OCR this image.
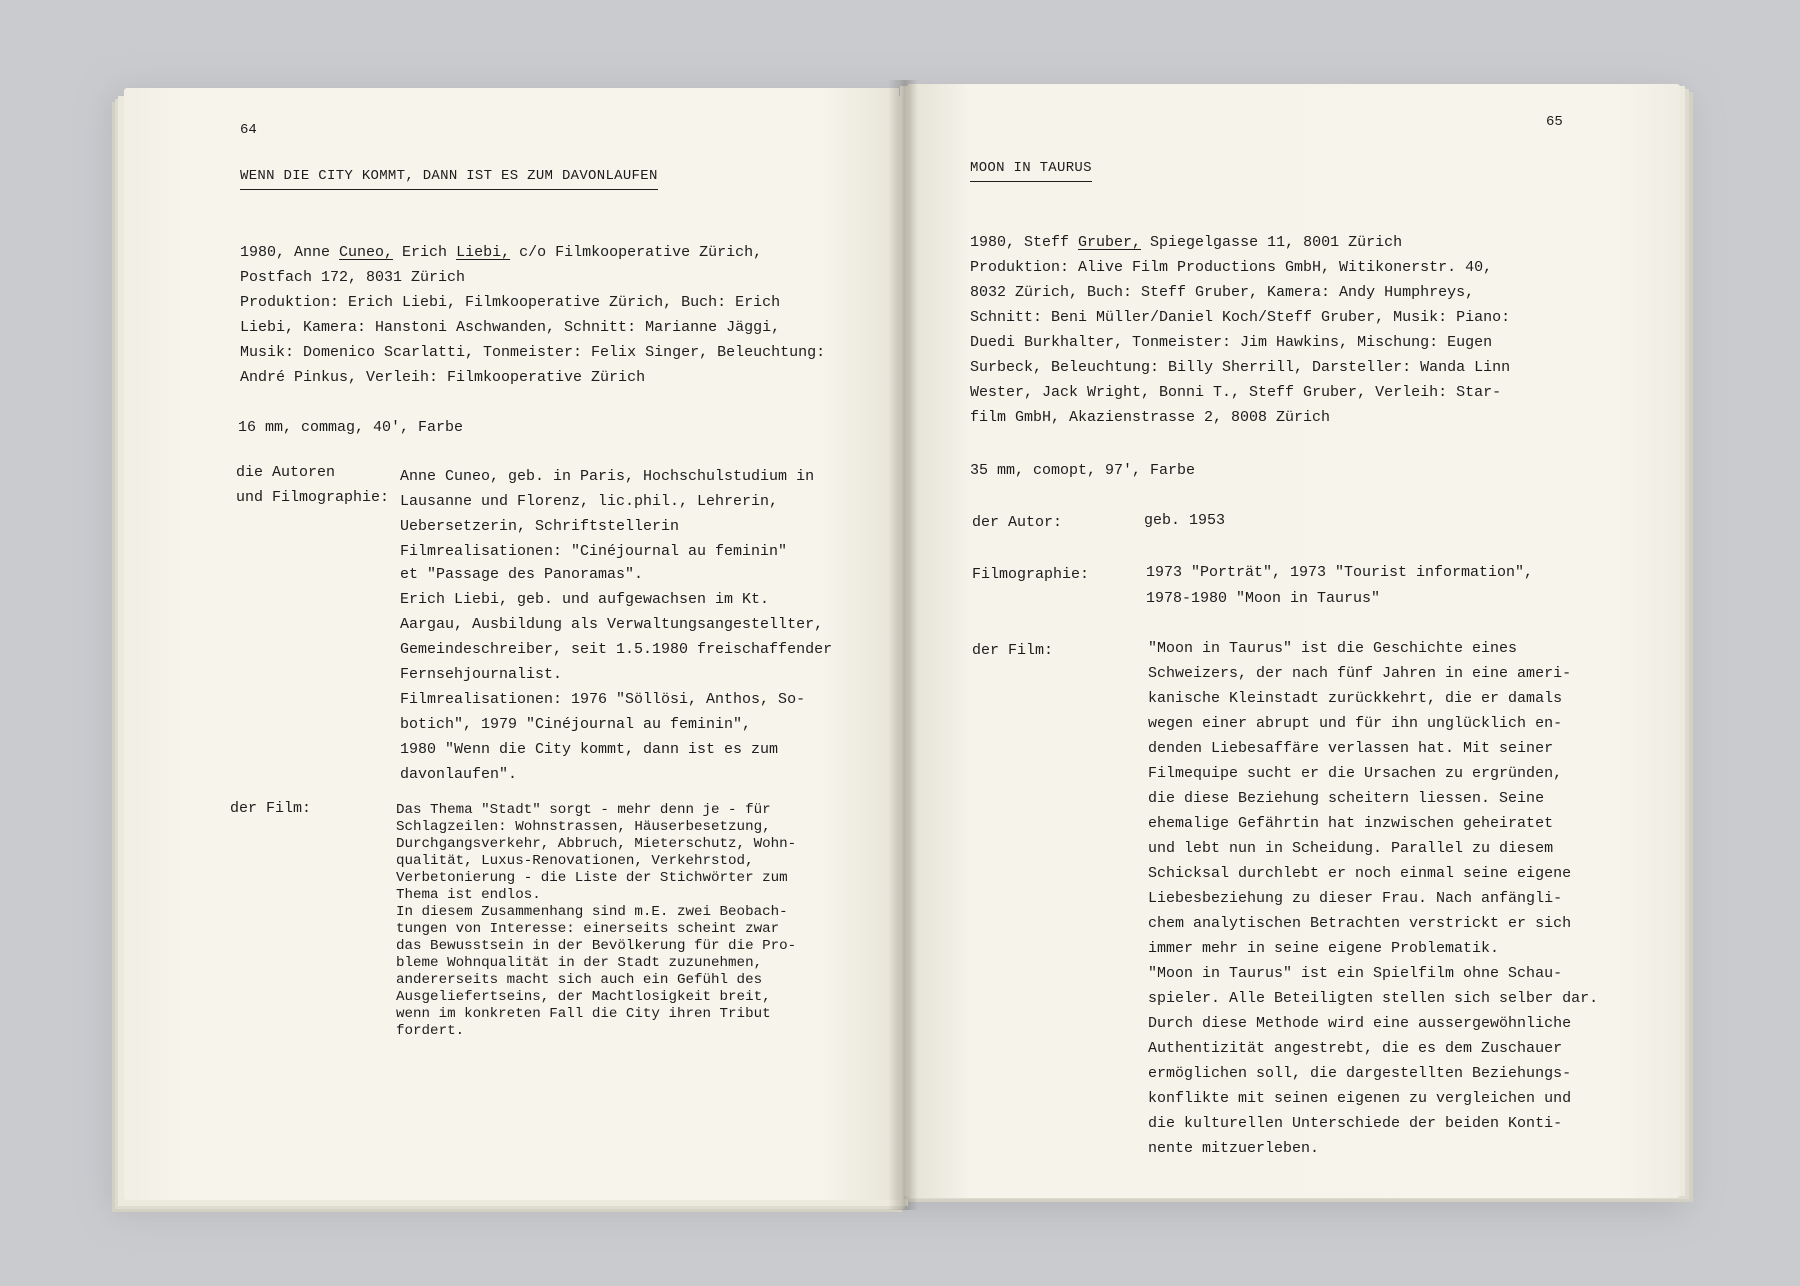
64
WENN DIE CITY KOMMT, DANN IST ES ZUM DAVONLAUFEN
1980, Anne Cuneo, Erich Liebi, c/o Filmkooperative Zürich,
Postfach 172, 8031 Zürich
Produktion: Erich Liebi, Filmkooperative Zürich, Buch: Erich
Liebi, Kamera: Hanstoni Aschwanden, Schnitt: Marianne Jäggi,
Musik: Domenico Scarlatti, Tonmeister: Felix Singer, Beleuchtung:
André Pinkus, Verleih: Filmkooperative Zürich
16 mm, commag, 40', Farbe
die Autoren
und Filmographie:
Anne Cuneo, geb. in Paris, Hochschulstudium in
Lausanne und Florenz, lic.phil., Lehrerin,
Uebersetzerin, Schriftstellerin
Filmrealisationen: "Cinéjournal au feminin"
et "Passage des Panoramas".
Erich Liebi, geb. und aufgewachsen im Kt.
Aargau, Ausbildung als Verwaltungsangestellter,
Gemeindeschreiber, seit 1.5.1980 freischaffender
Fernsehjournalist.
Filmrealisationen: 1976 "Söllösi, Anthos, So-
botich", 1979 "Cinéjournal au feminin",
1980 "Wenn die City kommt, dann ist es zum
davonlaufen".
der Film:	Das Thema "Stadt" sorgt - mehr denn je - für
Schlagzeilen: Wohnstrassen, Häuserbesetzung,
Durchgangsverkehr, Abbruch, Mieterschutz, Wohn-
qualität, Luxus-Renovationen, Verkehrstod,
Verbetonierung - die Liste der Stichwörter zum
Thema ist endlos.
In diesem Zusammenhang sind m.E. zwei Beobach-
tungen von Interesse: einerseits scheint zwar
das Bewusstsein in der Bevölkerung für die Pro-
bleme Wohnqualität in der Stadt zuzunehmen,
andererseits macht sich auch ein Gefühl des
Ausgeliefertseins, der Machtlosigkeit breit,
wenn im konkreten Fall die City ihren Tribut
fordert.
65
MOON IN TAURUS
1980, Steff Gruber, Spiegelgasse 11, 8001 Zürich
Produktion: Alive Film Productions GmbH, Witikonerstr. 40,
8032 Zürich, Buch: Steff Gruber, Kamera: Andy Humphreys,
Schnitt: Beni Müller/Daniel Koch/Steff Gruber, Musik: Piano:
Duedi Burkhalter, Tonmeister: Jim Hawkins, Mischung: Eugen
Surbeck, Beleuchtung: Billy Sherrill, Darsteller: Wanda Linn
Wester, Jack Wright, Bonni T., Steff Gruber, Verleih: Star-
film GmbH, Akazienstrasse 2, 8008 Zürich
35 mm, comopt, 97', Farbe
der Autor:	geb. 1953
Filmographie:	1973 "Porträt", 1973 "Tourist information",
1978-1980 "Moon in Taurus"
der Film:	"Moon in Taurus" ist die Geschichte eines
Schweizers, der nach fünf Jahren in eine ameri-
kanische Kleinstadt zurückkehrt, die er damals
wegen einer abrupt und für ihn unglücklich en-
denden Liebesaffäre verlassen hat. Mit seiner
Filmequipe sucht er die Ursachen zu ergründen,
die diese Beziehung scheitern liessen. Seine
ehemalige Gefährtin hat inzwischen geheiratet
und lebt nun in Scheidung. Parallel zu diesem
Schicksal durchlebt er noch einmal seine eigene
Liebesbeziehung zu dieser Frau. Nach anfängli-
chem analytischen Betrachten verstrickt er sich
immer mehr in seine eigene Problematik.
"Moon in Taurus" ist ein Spielfilm ohne Schau-
spieler. Alle Beteiligten stellen sich selber dar.
Durch diese Methode wird eine aussergewöhnliche
Authentizität angestrebt, die es dem Zuschauer
ermöglichen soll, die dargestellten Beziehungs-
konflikte mit seinen eigenen zu vergleichen und
die kulturellen Unterschiede der beiden Konti-
nente mitzuerleben.
